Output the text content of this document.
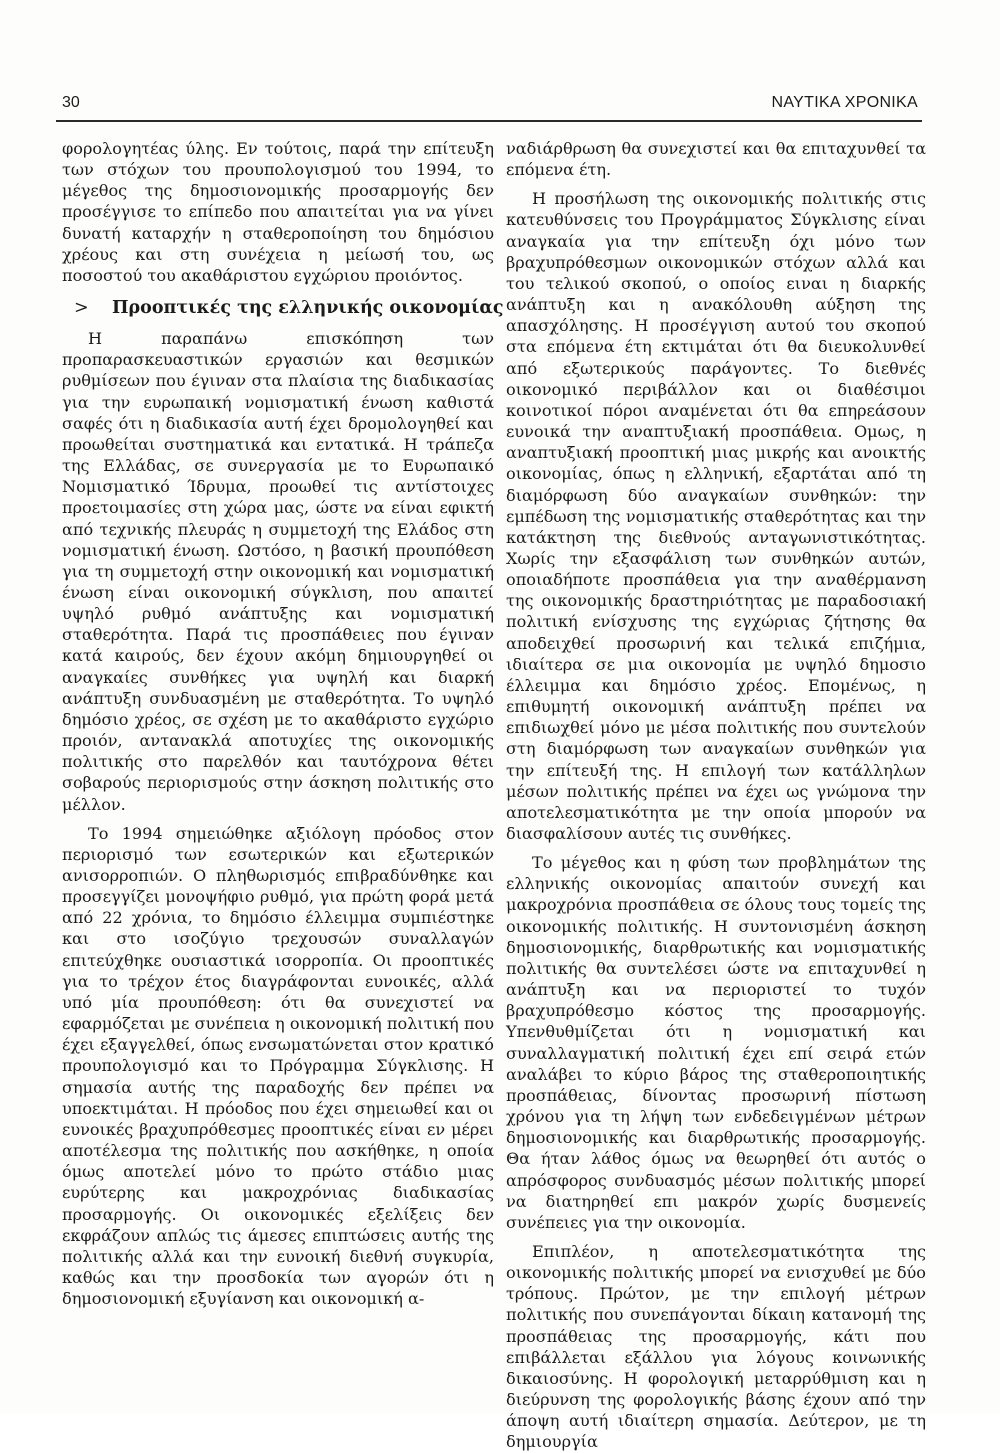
30	ΝΑΥΤΙΚΑ ΧΡΟΝΙΚΑ

φορολογητέας ύλης. Εν τούτοις, παρά την επίτευξη των στόχων του προυπολογισμού του 1994, το μέγεθος της δημοσιονομικής προσαρμογής δεν προσέγγισε το επίπεδο που απαιτείται για να γίνει δυνατή καταρχήν η σταθεροποίηση του δημόσιου χρέους και στη συνέχεια η μείωσή του, ως ποσοστού του ακαθάριστου εγχώριου προιόντος.

> Προοπτικές της ελληνικής οικονομίας

Η παραπάνω επισκόπηση των προπαρασκευαστικών εργασιών και θεσμικών ρυθμίσεων που έγιναν στα πλαίσια της διαδικασίας για την ευρωπαική νομισματική ένωση καθιστά σαφές ότι η διαδικασία αυτή έχει δρομολογηθεί και προωθείται συστηματικά και εντατικά. Η τράπεζα της Ελλάδας, σε συνεργασία με το Ευρωπαικό Νομισματικό Ίδρυμα, προωθεί τις αντίστοιχες προετοιμασίες στη χώρα μας, ώστε να είναι εφικτή από τεχνικής πλευράς η συμμετοχή της Ελάδος στη νομισματική ένωση. Ωστόσο, η βασική προυπόθεση για τη συμμετοχή στην οικονομική και νομισματική ένωση είναι οικονομική σύγκλιση, που απαιτεί υψηλό ρυθμό ανάπτυξης και νομισματική σταθερότητα. Παρά τις προσπάθειες που έγιναν κατά καιρούς, δεν έχουν ακόμη δημιουργηθεί οι αναγκαίες συνθήκες για υψηλή και διαρκή ανάπτυξη συνδυασμένη με σταθερότητα. Το υψηλό δημόσιο χρέος, σε σχέση με το ακαθάριστο εγχώριο προιόν, αντανακλά αποτυχίες της οικονομικής πολιτικής στο παρελθόν και ταυτόχρονα θέτει σοβαρούς περιορισμούς στην άσκηση πολιτικής στο μέλλον.

Το 1994 σημειώθηκε αξιόλογη πρόοδος στον περιορισμό των εσωτερικών και εξωτερικών ανισορροπιών. Ο πληθωρισμός επιβραδύνθηκε και προσεγγίζει μονοψήφιο ρυθμό, για πρώτη φορά μετά από 22 χρόνια, το δημόσιο έλλειμμα συμπιέστηκε και στο ισοζύγιο τρεχουσών συναλλαγών επιτεύχθηκε ουσιαστικά ισορροπία. Οι προοπτικές για το τρέχον έτος διαγράφονται ευνοικές, αλλά υπό μία προυπόθεση: ότι θα συνεχιστεί να εφαρμόζεται με συνέπεια η οικονομική πολιτική που έχει εξαγγελθεί, όπως ενσωματώνεται στον κρατικό προυπολογισμό και το Πρόγραμμα Σύγκλισης. Η σημασία αυτής της παραδοχής δεν πρέπει να υποεκτιμάται. Η πρόοδος που έχει σημειωθεί και οι ευνοικές βραχυπρόθεσμες προοπτικές είναι εν μέρει αποτέλεσμα της πολιτικής που ασκήθηκε, η οποία όμως αποτελεί μόνο το πρώτο στάδιο μιας ευρύτερης και μακροχρόνιας διαδικασίας προσαρμογής. Οι οικονομικές εξελίξεις δεν εκφράζουν απλώς τις άμεσες επιπτώσεις αυτής της πολιτικής αλλά και την ευνοική διεθνή συγκυρία, καθώς και την προσδοκία των αγορών ότι η δημοσιονομική εξυγίανση και οικονομική α-

ναδιάρθρωση θα συνεχιστεί και θα επιταχυνθεί τα επόμενα έτη.

Η προσήλωση της οικονομικής πολιτικής στις κατευθύνσεις του Προγράμματος Σύγκλισης είναι αναγκαία για την επίτευξη όχι μόνο των βραχυπρόθεσμων οικονομικών στόχων αλλά και του τελικού σκοπού, ο οποίος ειναι η διαρκής ανάπτυξη και η ανακόλουθη αύξηση της απασχόλησης. Η προσέγγιση αυτού του σκοπού στα επόμενα έτη εκτιμάται ότι θα διευκολυνθεί από εξωτερικούς παράγοντες. Το διεθνές οικονομικό περιβάλλον και οι διαθέσιμοι κοινοτικοί πόροι αναμένεται ότι θα επηρεάσουν ευνοικά την αναπτυξιακή προσπάθεια. Ομως, η αναπτυξιακή προοπτική μιας μικρής και ανοικτής οικονομίας, όπως η ελληνική, εξαρτάται από τη διαμόρφωση δύο αναγκαίων συνθηκών: την εμπέδωση της νομισματικής σταθερότητας και την κατάκτηση της διεθνούς ανταγωνιστικότητας. Χωρίς την εξασφάλιση των συνθηκών αυτών, οποιαδήποτε προσπάθεια για την αναθέρμανση της οικονομικής δραστηριότητας με παραδοσιακή πολιτική ενίσχυσης της εγχώριας ζήτησης θα αποδειχθεί προσωρινή και τελικά επιζήμια, ιδιαίτερα σε μια οικονομία με υψηλό δημοσιο έλλειμμα και δημόσιο χρέος. Επομένως, η επιθυμητή οικονομική ανάπτυξη πρέπει να επιδιωχθεί μόνο με μέσα πολιτικής που συντελούν στη διαμόρφωση των αναγκαίων συνθηκών για την επίτευξή της. Η επιλογή των κατάλληλων μέσων πολιτικής πρέπει να έχει ως γνώμονα την αποτελεσματικότητα με την οποία μπορούν να διασφαλίσουν αυτές τις συνθήκες.

Το μέγεθος και η φύση των προβλημάτων της ελληνικής οικονομίας απαιτούν συνεχή και μακροχρόνια προσπάθεια σε όλους τους τομείς της οικονομικής πολιτικής. Η συντονισμένη άσκηση δημοσιονομικής, διαρθρωτικής και νομισματικής πολιτικής θα συντελέσει ώστε να επιταχυνθεί η ανάπτυξη και να περιοριστεί το τυχόν βραχυπρόθεσμο κόστος της προσαρμογής. Υπενθυθμίζεται ότι η νομισματική και συναλλαγματική πολιτική έχει επί σειρά ετών αναλάβει το κύριο βάρος της σταθεροποιητικής προσπάθειας, δίνοντας προσωρινή πίστωση χρόνου για τη λήψη των ενδεδειγμένων μέτρων δημοσιονομικής και διαρθρωτικής προσαρμογής. Θα ήταν λάθος όμως να θεωρηθεί ότι αυτός ο απρόσφορος συνδυασμός μέσων πολιτικής μπορεί να διατηρηθεί επι μακρόν χωρίς δυσμενείς συνέπειες για την οικονομία.

Επιπλέον, η αποτελεσματικότητα της οικονομικής πολιτικής μπορεί να ενισχυθεί με δύο τρόπους. Πρώτον, με την επιλογή μέτρων πολιτικής που συνεπάγονται δίκαιη κατανομή της προσπάθειας της προσαρμογής, κάτι που επιβάλλεται εξάλλου για λόγους κοινωνικής δικαιοσύνης. Η φορολογική μεταρρύθμιση και η διεύρυνση της φορολογικής βάσης έχουν από την άποψη αυτή ιδιαίτερη σημασία. Δεύτερον, με τη δημιουργία
